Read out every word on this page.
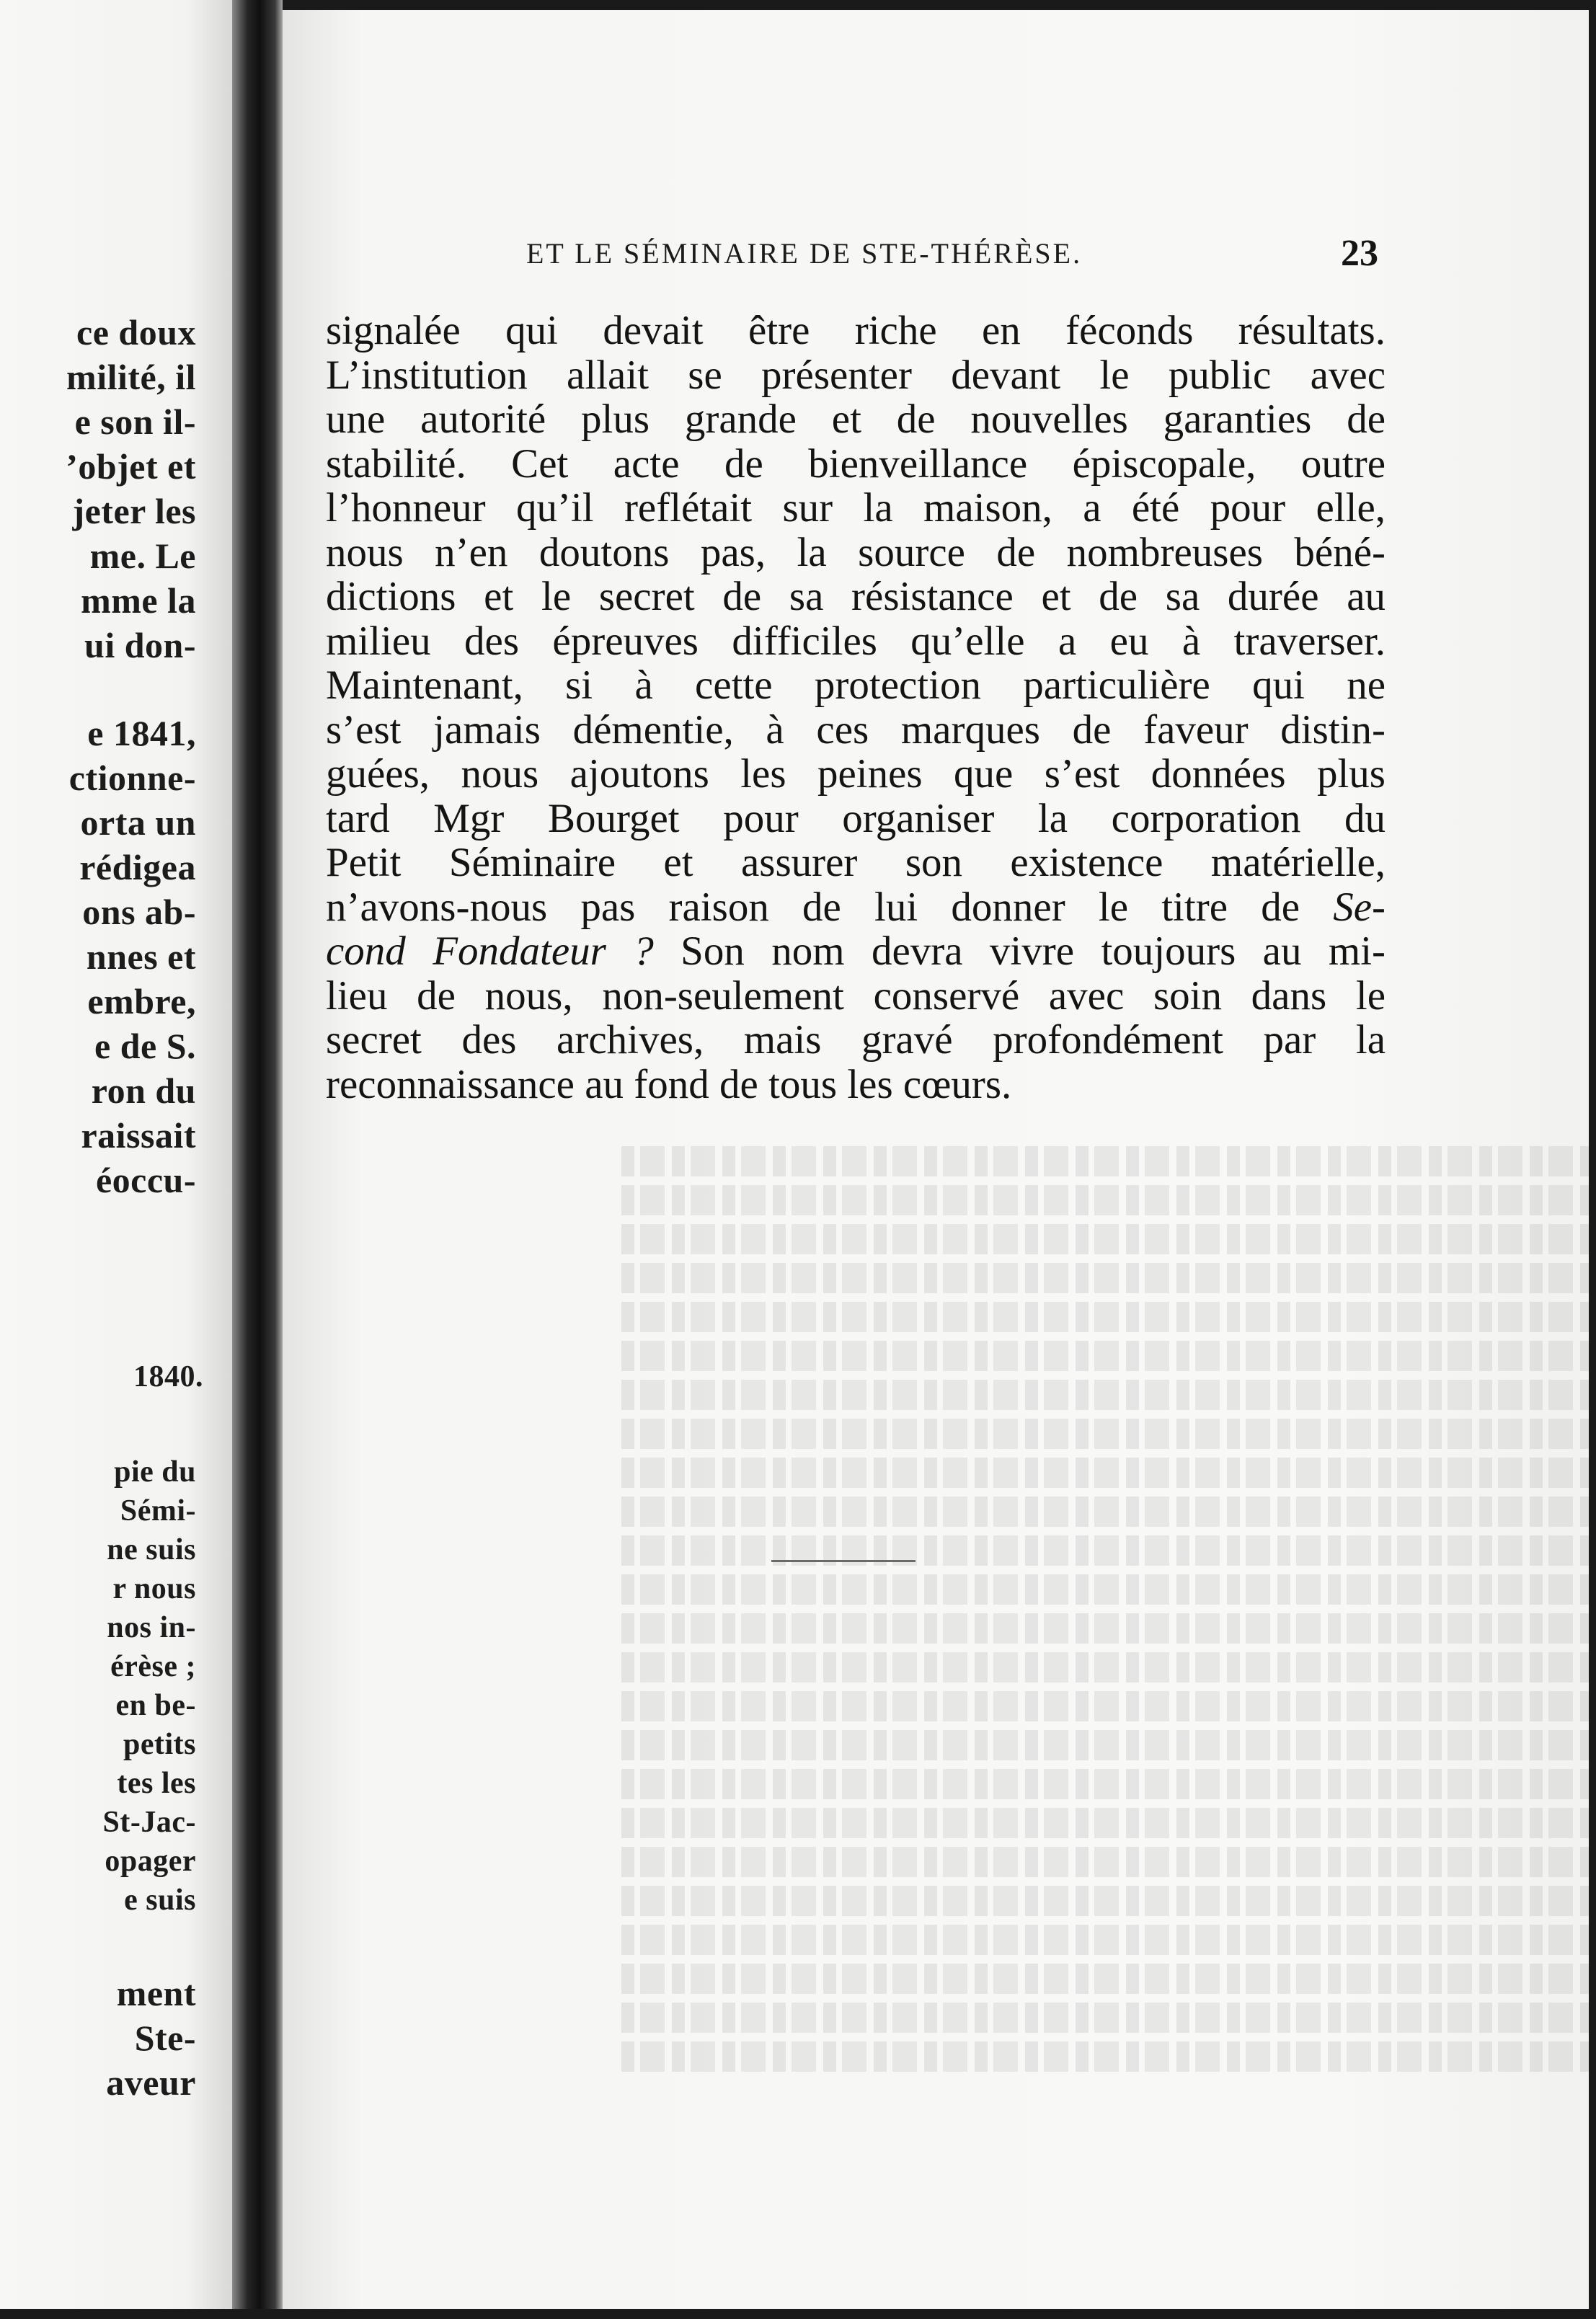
ce doux
milité, il
e son il-
’objet et
jeter les
me. Le
mme la
ui don-
e 1841,
ctionne-
orta un
rédigea
ons ab-
nnes et
embre,
e de S.
ron du
raissait
éoccu-
1840.
pie du
Sémi-
ne suis
r nous
nos in-
érèse ;
en be-
petits
tes les
St-Jac-
opager
e suis
ment
Ste-
aveur
ET LE SÉMINAIRE DE STE-THÉRÈSE.	23
signalée qui devait être riche en féconds résultats.
L’institution allait se présenter devant le public avec
une autorité plus grande et de nouvelles garanties de
stabilité. Cet acte de bienveillance épiscopale, outre
l’honneur qu’il reflétait sur la maison, a été pour elle,
nous n’en doutons pas, la source de nombreuses béné-
dictions et le secret de sa résistance et de sa durée au
milieu des épreuves difficiles qu’elle a eu à traverser.
Maintenant, si à cette protection particulière qui ne
s’est jamais démentie, à ces marques de faveur distin-
guées, nous ajoutons les peines que s’est données plus
tard Mgr Bourget pour organiser la corporation du
Petit Séminaire et assurer son existence matérielle,
n’avons-nous pas raison de lui donner le titre de Se-
cond Fondateur ? Son nom devra vivre toujours au mi-
lieu de nous, non-seulement conservé avec soin dans le
secret des archives, mais gravé profondément par la
reconnaissance au fond de tous les cœurs.
